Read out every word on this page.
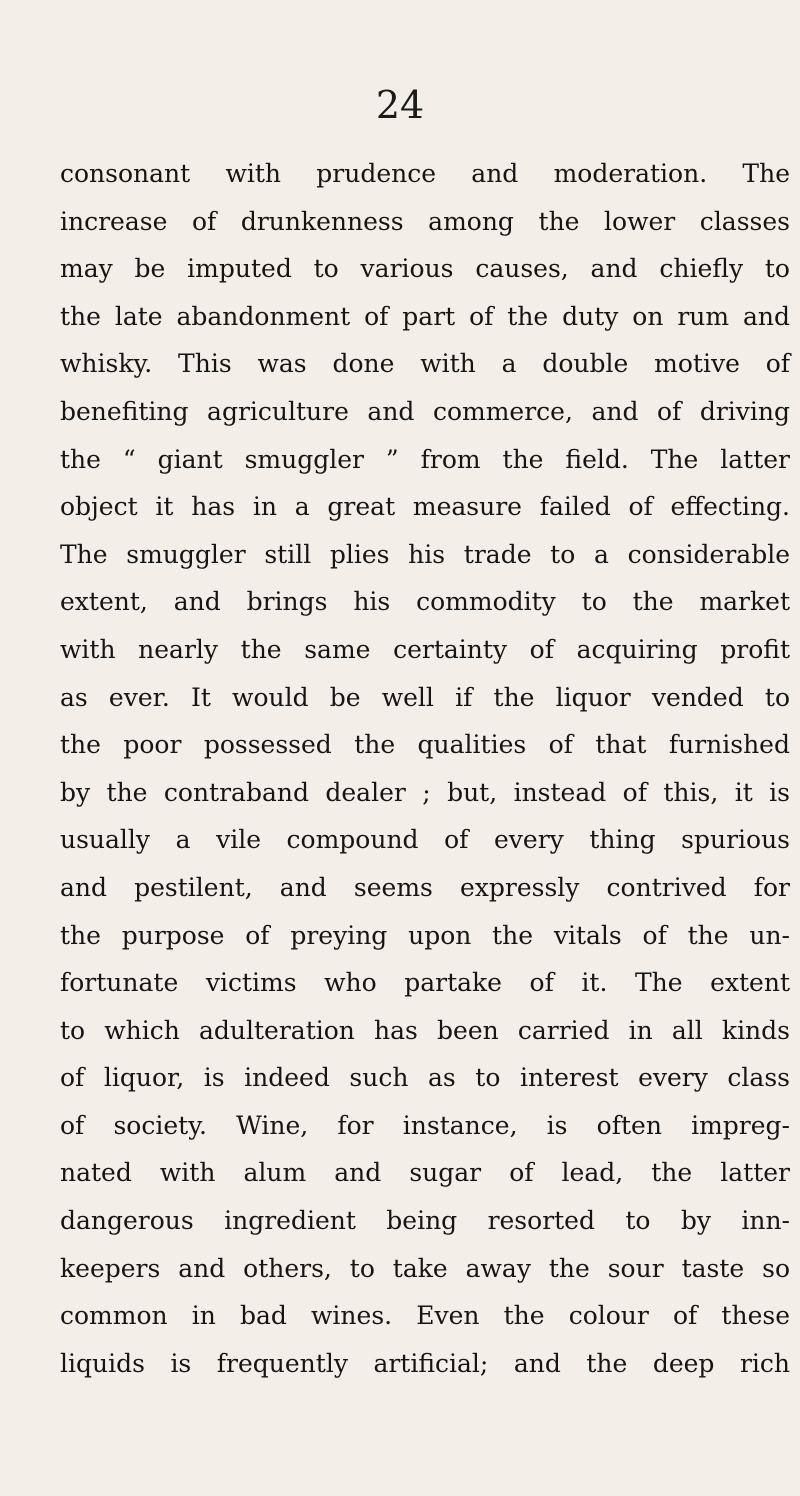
24
consonant with prudence and moderation. The
increase of drunkenness among the lower classes
may be imputed to various causes, and chiefly to
the late abandonment of part of the duty on rum and
whisky. This was done with a double motive of
benefiting agriculture and commerce, and of driving
the “ giant smuggler ” from the field. The latter
object it has in a great measure failed of effecting.
The smuggler still plies his trade to a considerable
extent, and brings his commodity to the market
with nearly the same certainty of acquiring profit
as ever. It would be well if the liquor vended to
the poor possessed the qualities of that furnished
by the contraband dealer ; but, instead of this, it is
usually a vile compound of every thing spurious
and pestilent, and seems expressly contrived for
the purpose of preying upon the vitals of the un-
fortunate victims who partake of it. The extent
to which adulteration has been carried in all kinds
of liquor, is indeed such as to interest every class
of society. Wine, for instance, is often impreg-
nated with alum and sugar of lead, the latter
dangerous ingredient being resorted to by inn-
keepers and others, to take away the sour taste so
common in bad wines. Even the colour of these
liquids is frequently artificial; and the deep rich
